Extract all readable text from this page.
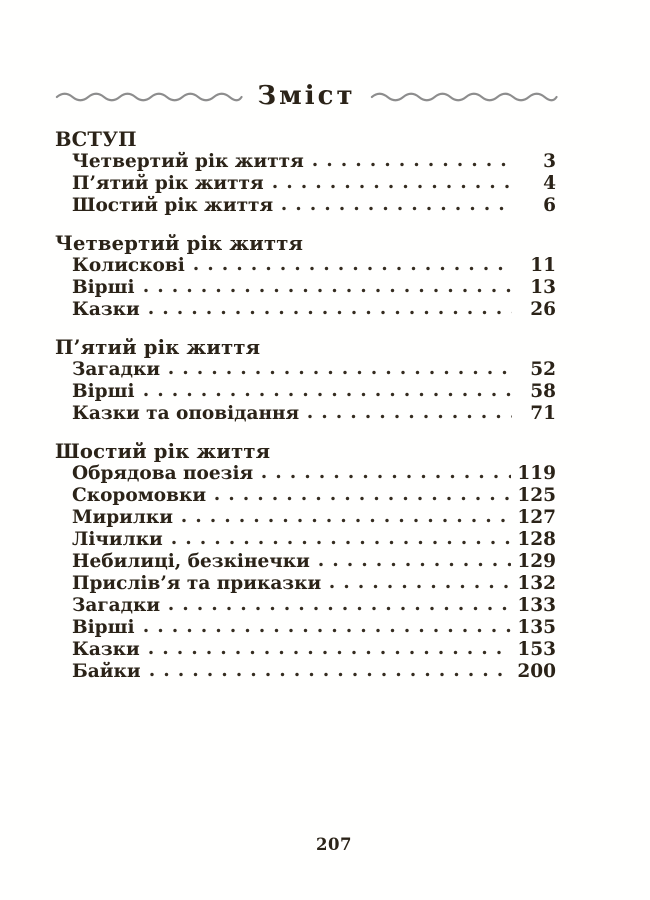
Зміст
ВСТУП
Четвертий рік життя	3
П’ятий рік життя	4
Шостий рік життя	6
Четвертий рік життя
Колискові	11
Вірші	13
Казки	26
П’ятий рік життя
Загадки	52
Вірші	58
Казки та оповідання	71
Шостий рік життя
Обрядова поезія	119
Скоромовки	125
Мирилки	127
Лічилки	128
Небилиці, безкінечки	129
Прислів’я та приказки	132
Загадки	133
Вірші	135
Казки	153
Байки	200
207
